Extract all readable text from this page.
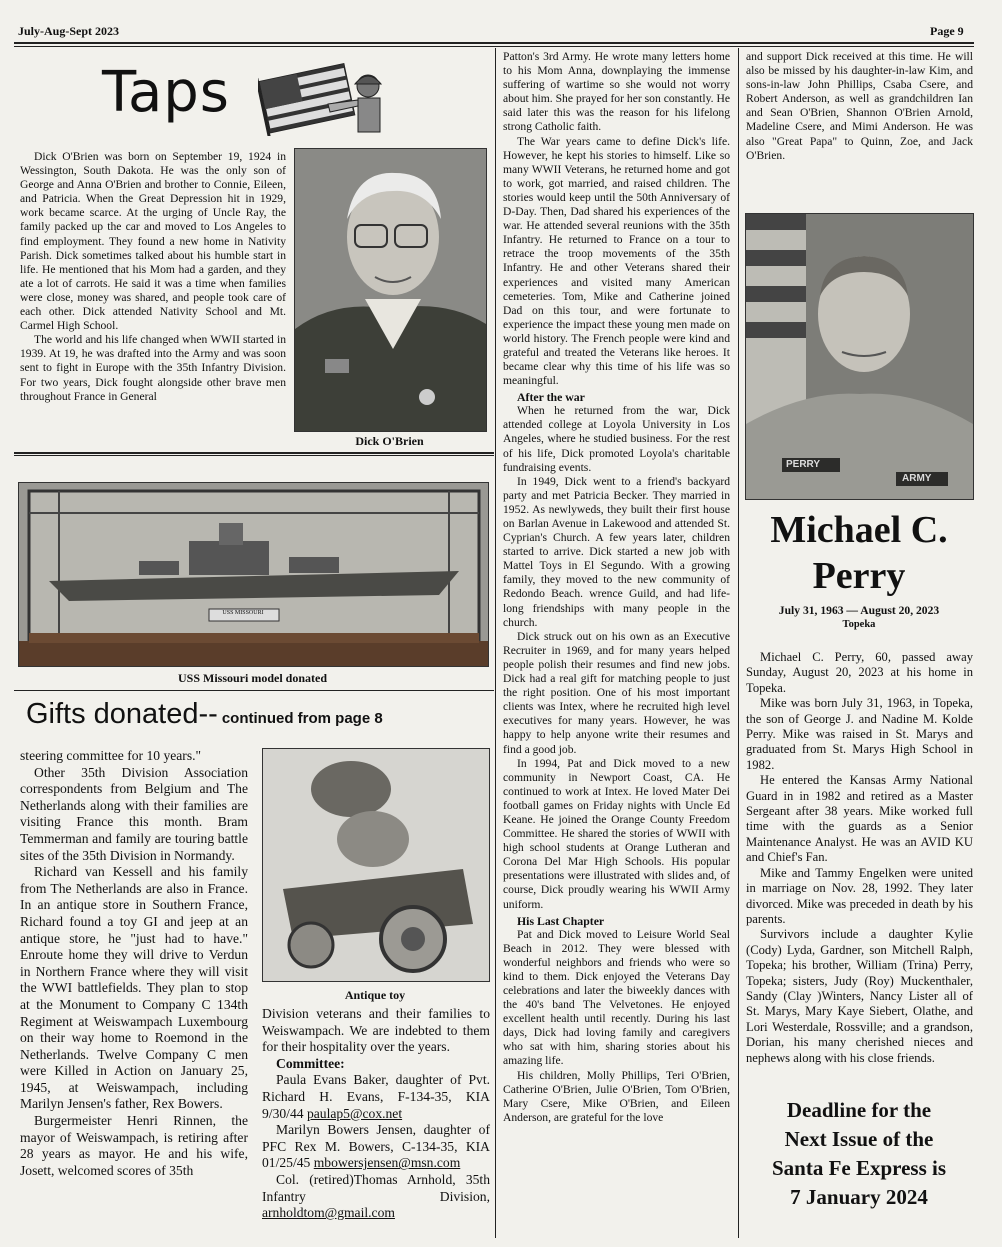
July-Aug-Sept 2023	Page 9
Taps
Dick O'Brien

Dick O'Brien was born on September 19, 1924 in Wessington, South Dakota. He was the only son of George and Anna O'Brien and brother to Connie, Eileen, and Patricia. When the Great Depression hit in 1929, work became scarce. At the urging of Uncle Ray, the family packed up the car and moved to Los Angeles to find employment. They found a new home in Nativity Parish. Dick sometimes talked about his humble start in life. He mentioned that his Mom had a garden, and they ate a lot of carrots. He said it was a time when families were close, money was shared, and people took care of each other. Dick attended Nativity School and Mt. Carmel High School.

The world and his life changed when WWII started in 1939. At 19, he was drafted into the Army and was soon sent to fight in Europe with the 35th Infantry Division. For two years, Dick fought alongside other brave men throughout France in General

USS MISSOURI
USS Missouri model donated
Gifts donated-- continued from page 8

steering committee for 10 years."

Other 35th Division Association correspondents from Belgium and The Netherlands along with their families are visiting France this month. Bram Temmerman and family are touring battle sites of the 35th Division in Normandy.

Richard van Kessell and his family from The Netherlands are also in France. In an antique store in Southern France, Richard found a toy GI and jeep at an antique store, he "just had to have." Enroute home they will drive to Verdun in Northern France where they will visit the WWI battlefields. They plan to stop at the Monument to Company C 134th Regiment at Weiswampach Luxembourg on their way home to Roemond in the Netherlands. Twelve Company C men were Killed in Action on January 25, 1945, at Weiswampach, including Marilyn Jensen's father, Rex Bowers.

Burgermeister Henri Rinnen, the mayor of Weiswampach, is retiring after 28 years as mayor. He and his wife, Josett, welcomed scores of 35th

Antique toy

Division veterans and their families to Weiswampach. We are indebted to them for their hospitality over the years.

Committee:

Paula Evans Baker, daughter of Pvt. Richard H. Evans, F-134-35, KIA 9/30/44 paulap5@cox.net

Marilyn Bowers Jensen, daughter of PFC Rex M. Bowers, C-134-35, KIA 01/25/45 mbowersjensen@msn.com

Col. (retired)Thomas Arnhold, 35th Infantry Division, arnholdtom@gmail.com

Patton's 3rd Army. He wrote many letters home to his Mom Anna, downplaying the immense suffering of wartime so she would not worry about him. She prayed for her son constantly. He said later this was the reason for his lifelong strong Catholic faith.

The War years came to define Dick's life. However, he kept his stories to himself. Like so many WWII Veterans, he returned home and got to work, got married, and raised children. The stories would keep until the 50th Anniversary of D-Day. Then, Dad shared his experiences of the war. He attended several reunions with the 35th Infantry. He returned to France on a tour to retrace the troop movements of the 35th Infantry. He and other Veterans shared their experiences and visited many American cemeteries. Tom, Mike and Catherine joined Dad on this tour, and were fortunate to experience the impact these young men made on world history. The French people were kind and grateful and treated the Veterans like heroes. It became clear why this time of his life was so meaningful.

After the war

When he returned from the war, Dick attended college at Loyola University in Los Angeles, where he studied business. For the rest of his life, Dick promoted Loyola's charitable fundraising events.

In 1949, Dick went to a friend's backyard party and met Patricia Becker. They married in 1952. As newlyweds, they built their first house on Barlan Avenue in Lakewood and attended St. Cyprian's Church. A few years later, children started to arrive. Dick started a new job with Mattel Toys in El Segundo. With a growing family, they moved to the new community of Redondo Beach. wrence Guild, and had life-long friendships with many people in the church.

Dick struck out on his own as an Executive Recruiter in 1969, and for many years helped people polish their resumes and find new jobs. Dick had a real gift for matching people to just the right position. One of his most important clients was Intex, where he recruited high level executives for many years. However, he was happy to help anyone write their resumes and find a good job.

In 1994, Pat and Dick moved to a new community in Newport Coast, CA. He continued to work at Intex. He loved Mater Dei football games on Friday nights with Uncle Ed Keane. He joined the Orange County Freedom Committee. He shared the stories of WWII with high school students at Orange Lutheran and Corona Del Mar High Schools. His popular presentations were illustrated with slides and, of course, Dick proudly wearing his WWII Army uniform.

His Last Chapter

Pat and Dick moved to Leisure World Seal Beach in 2012. They were blessed with wonderful neighbors and friends who were so kind to them. Dick enjoyed the Veterans Day celebrations and later the biweekly dances with the 40's band The Velvetones. He enjoyed excellent health until recently. During his last days, Dick had loving family and caregivers who sat with him, sharing stories about his amazing life.

His children, Molly Phillips, Teri O'Brien, Catherine O'Brien, Julie O'Brien, Tom O'Brien, Mary Csere, Mike O'Brien, and Eileen Anderson, are grateful for the love

and support Dick received at this time. He will also be missed by his daughter-in-law Kim, and sons-in-law John Phillips, Csaba Csere, and Robert Anderson, as well as grandchildren Ian and Sean O'Brien, Shannon O'Brien Arnold, Madeline Csere, and Mimi Anderson. He was also "Great Papa" to Quinn, Zoe, and Jack O'Brien.

PERRY
ARMY
Michael C.
Perry
July 31, 1963 — August 20, 2023
Topeka

Michael C. Perry, 60, passed away Sunday, August 20, 2023 at his home in Topeka.

Mike was born July 31, 1963, in Topeka, the son of George J. and Nadine M. Kolde Perry. Mike was raised in St. Marys and graduated from St. Marys High School in 1982.

He entered the Kansas Army National Guard in in 1982 and retired as a Master Sergeant after 38 years. Mike worked full time with the guards as a Senior Maintenance Analyst. He was an AVID KU and Chief's Fan.

Mike and Tammy Engelken were united in marriage on Nov. 28, 1992. They later divorced. Mike was preceded in death by his parents.

Survivors include a daughter Kylie (Cody) Lyda, Gardner, son Mitchell Ralph, Topeka; his brother, William (Trina) Perry, Topeka; sisters, Judy (Roy) Muckenthaler, Sandy (Clay )Winters, Nancy Lister all of St. Marys, Mary Kaye Siebert, Olathe, and Lori Westerdale, Rossville; and a grandson, Dorian, his many cherished nieces and nephews along with his close friends.

Deadline for the
Next Issue of the
Santa Fe Express is
7 January 2024
